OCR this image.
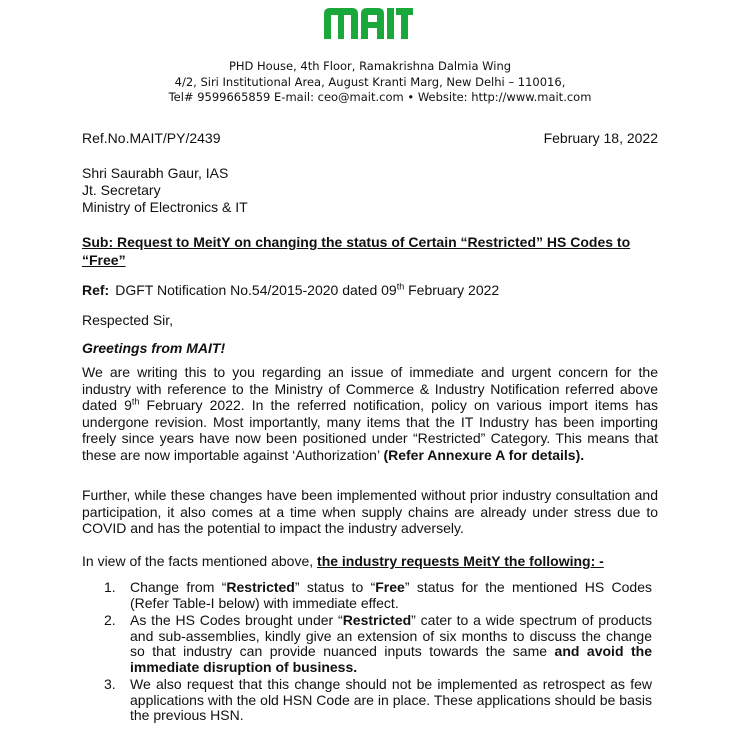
PHD House, 4th Floor, Ramakrishna Dalmia Wing
4/2, Siri Institutional Area, August Kranti Marg, New Delhi – 110016,
Tel# 9599665859 E-mail: ceo@mait.com • Website: http://www.mait.com
Ref.No.MAIT/PY/2439	February 18, 2022
Shri Saurabh Gaur, IAS
Jt. Secretary
Ministry of Electronics & IT
Sub: Request to MeitY on changing the status of Certain “Restricted” HS Codes to “Free”
Ref: DGFT Notification No.54/2015-2020 dated 09th February 2022
Respected Sir,
Greetings from MAIT!
We are writing this to you regarding an issue of immediate and urgent concern for the industry with reference to the Ministry of Commerce & Industry Notification referred above dated 9th February 2022. In the referred notification, policy on various import items has undergone revision. Most importantly, many items that the IT Industry has been importing freely since years have now been positioned under “Restricted” Category. This means that these are now importable against ‘Authorization’ (Refer Annexure A for details).
Further, while these changes have been implemented without prior industry consultation and participation, it also comes at a time when supply chains are already under stress due to COVID and has the potential to impact the industry adversely.
In view of the facts mentioned above, the industry requests MeitY the following: -
1. Change from “Restricted” status to “Free” status for the mentioned HS Codes (Refer Table-I below) with immediate effect.
2. As the HS Codes brought under “Restricted” cater to a wide spectrum of products and sub-assemblies, kindly give an extension of six months to discuss the change so that industry can provide nuanced inputs towards the same and avoid the immediate disruption of business.
3. We also request that this change should not be implemented as retrospect as few applications with the old HSN Code are in place. These applications should be basis the previous HSN.
